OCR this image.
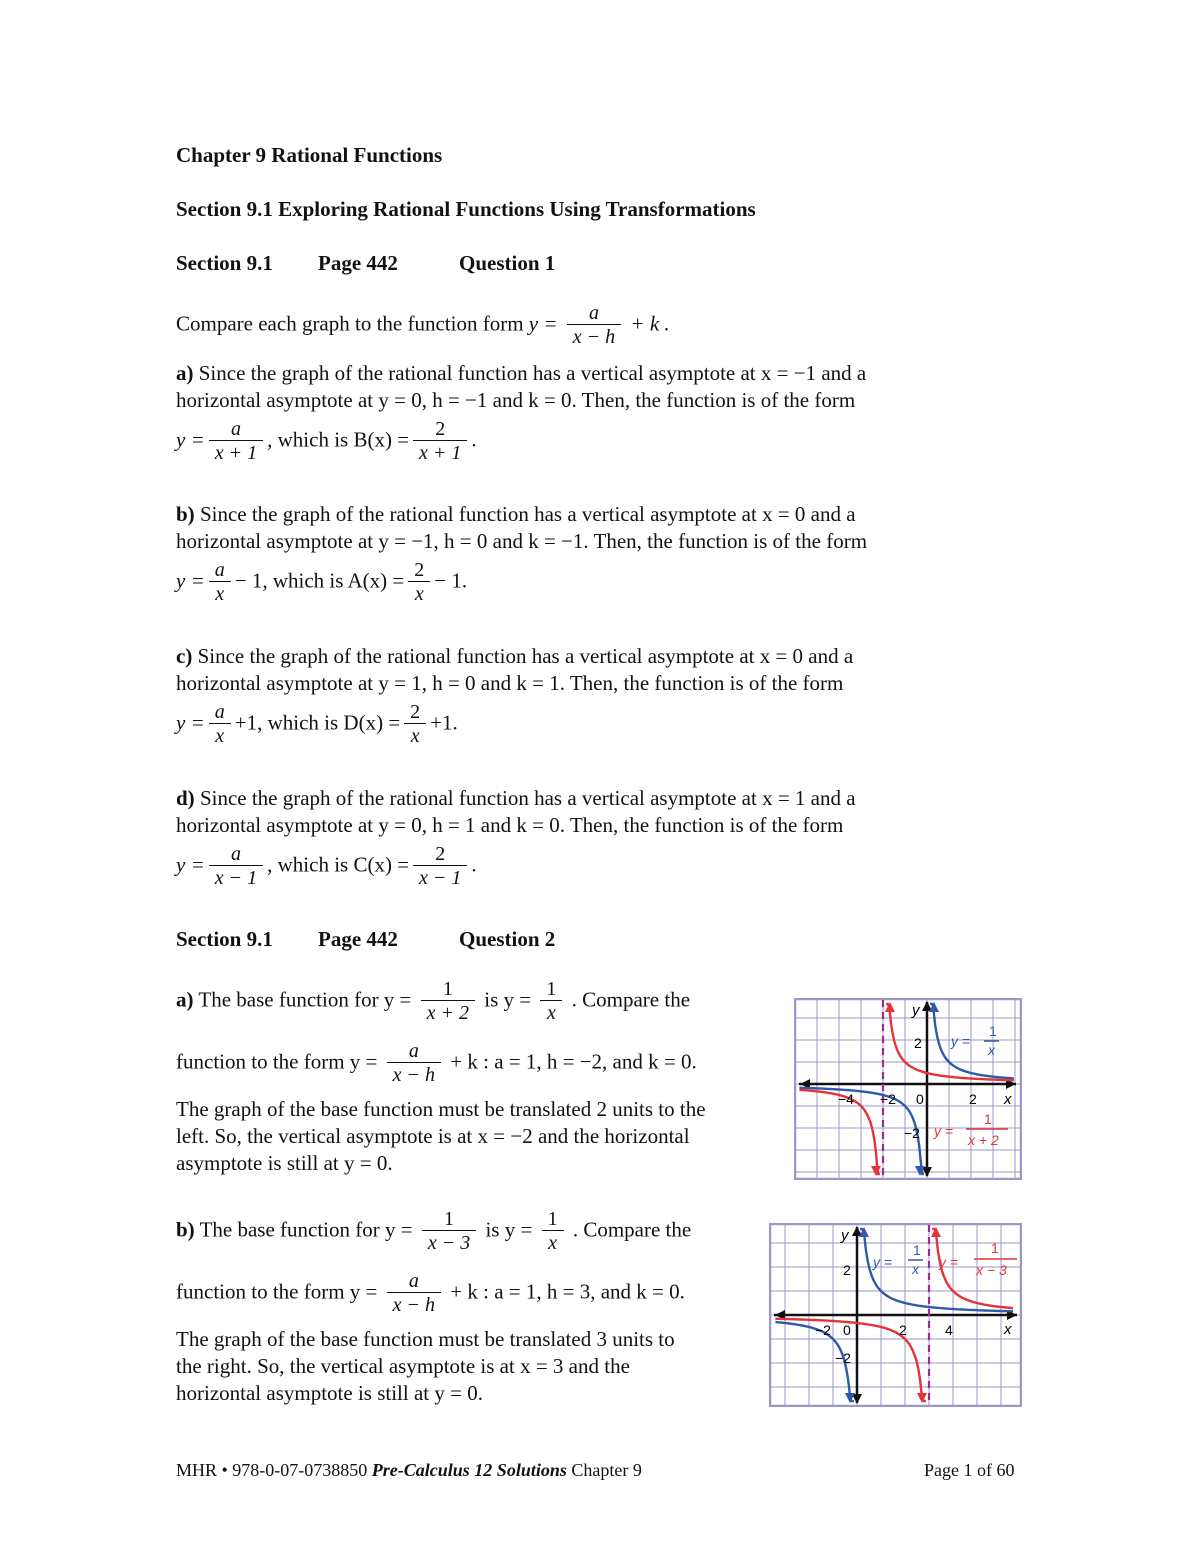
Chapter 9 Rational Functions
Section 9.1 Exploring Rational Functions Using Transformations
Section 9.1 Page 442	Question 1
Compare each graph to the function form $y = \frac{a}{x - h} + k$ .
a) Since the graph of the rational function has a vertical asymptote at x = −1 and a
horizontal asymptote at y = 0, h = −1 and k = 0. Then, the function is of the form
$y = \frac{a}{x + 1}$ , which is $B(x) = \frac{2}{x + 1}$ .
b) Since the graph of the rational function has a vertical asymptote at x = 0 and a
horizontal asymptote at y = −1, h = 0 and k = −1. Then, the function is of the form
$y = \frac{a}{x} - 1$, which is $A(x) = \frac{2}{x} - 1$.
c) Since the graph of the rational function has a vertical asymptote at x = 0 and a
horizontal asymptote at y = 1, h = 0 and k = 1. Then, the function is of the form
$y = \frac{a}{x} +1$, which is $D(x) = \frac{2}{x} +1$.
d) Since the graph of the rational function has a vertical asymptote at x = 1 and a
horizontal asymptote at y = 0, h = 1 and k = 0. Then, the function is of the form
$y = \frac{a}{x - 1}$ , which is $C(x) = \frac{2}{x - 1}$ .
Section 9.1 Page 442	Question 2
a) The base function for $y = \frac{1}{x + 2}$ is $y = \frac{1}{x}$ . Compare the
function to the form $y = \frac{a}{x - h} + k$ : a = 1, h = −2, and k = 0.
The graph of the base function must be translated 2 units to the
left. So, the vertical asymptote is at x = −2 and the horizontal
asymptote is still at y = 0.
b) The base function for $y = \frac{1}{x - 3}$ is $y = \frac{1}{x}$ . Compare the
function to the form $y = \frac{a}{x - h} + k$ : a = 1, h = 3, and k = 0.
The graph of the base function must be translated 3 units to
the right. So, the vertical asymptote is at x = 3 and the
horizontal asymptote is still at y = 0.
y
x
−4 −2 0	2
2
−2
y =
1
x
y =
1
x + 2
y
x
−2 0	2	4
2
−2
y =
1
x y =
1
x − 3
MHR • 978-0-07-0738850 Pre-Calculus 12 Solutions Chapter 9	Page 1 of 60
